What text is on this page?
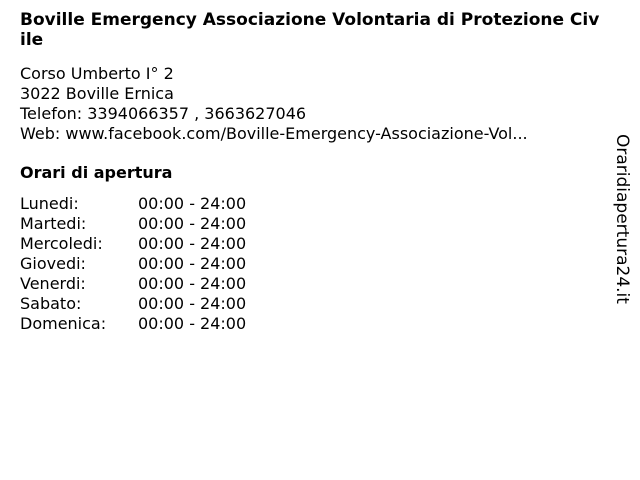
Boville Emergency Associazione Volontaria di Protezione Civile
Corso Umberto I° 2
3022 Boville Ernica
Telefon: 3394066357 , 3663627046
Web: www.facebook.com/Boville-Emergency-Associazione-Vol...
Orari di apertura
Lunedi:	00:00 - 24:00
Martedi:	00:00 - 24:00
Mercoledi: 00:00 - 24:00
Giovedi:	00:00 - 24:00
Venerdi:	00:00 - 24:00
Sabato:	00:00 - 24:00
Domenica: 00:00 - 24:00
Oraridiapertura24.it
